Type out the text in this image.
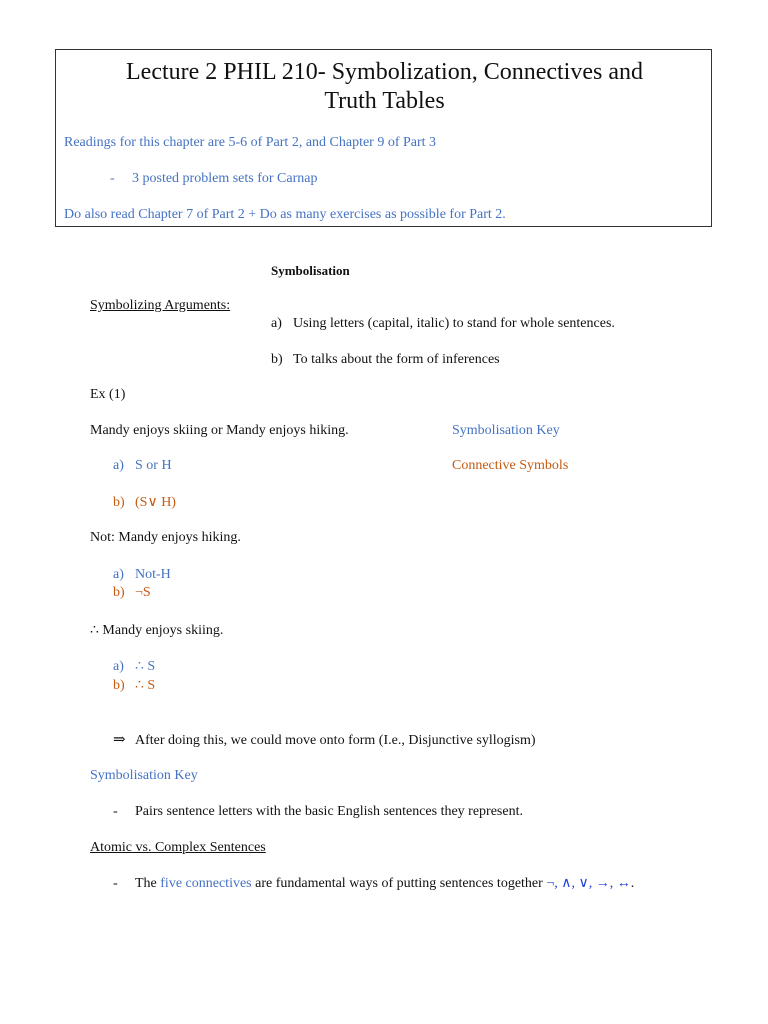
Lecture 2 PHIL 210- Symbolization, Connectives and
Truth Tables
Readings for this chapter are 5-6 of Part 2, and Chapter 9 of Part 3
- 3 posted problem sets for Carnap
Do also read Chapter 7 of Part 2 + Do as many exercises as possible for Part 2.
Symbolisation
Symbolizing Arguments:
a) Using letters (capital, italic) to stand for whole sentences.
b) To talks about the form of inferences
Ex (1)
Mandy enjoys skiing or Mandy enjoys hiking.	Symbolisation Key
a) S or H	Connective Symbols
b) (S∨ H)
Not: Mandy enjoys hiking.
a) Not-H
b) ¬S
∴ Mandy enjoys skiing.
a) ∴ S
b) ∴ S
⇒ After doing this, we could move onto form (I.e., Disjunctive syllogism)
Symbolisation Key
- Pairs sentence letters with the basic English sentences they represent.
Atomic vs. Complex Sentences
- The five connectives are fundamental ways of putting sentences together ¬, ∧, ∨, →, ↔.
